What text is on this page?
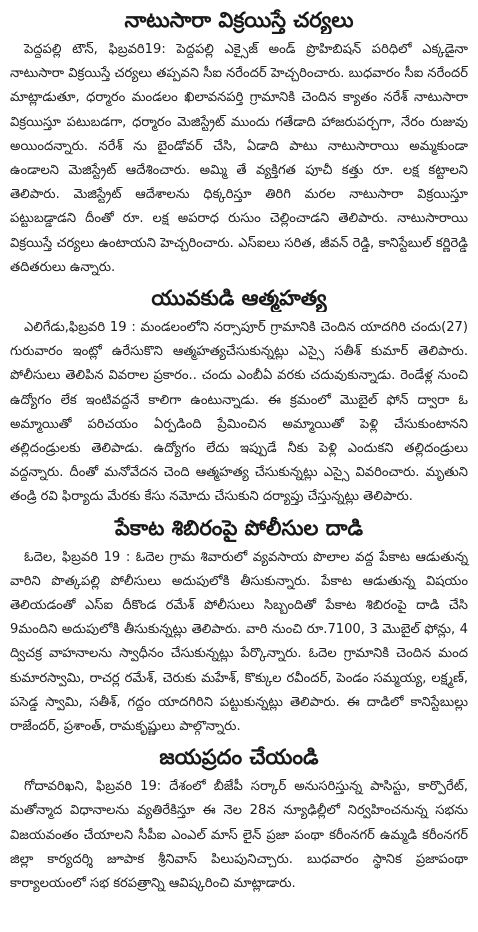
నాటుసారా విక్రయిస్తే చర్యలు

పెద్దపల్లి టౌన్, ఫిబ్రవరి19: పెద్దపల్లి ఎక్సైజ్ అండ్ ప్రొహిబిషన్ పరిధిలో ఎక్కడైనా నాటుసారా విక్రయిస్తే చర్యలు తప్పవని సీఐ నరేందర్ హెచ్చరించారు. బుధవారం సీఐ నరేందర్ మాట్లాడుతూ, ధర్మారం మండలం ఖిలావనపర్తి గ్రామానికి చెందిన క్యాతం నరేశ్ నాటుసారా విక్రయిస్తూ పటుబడగా, ధర్మారం మెజిస్ట్రేట్ ముందు గతేడాది హాజరుపర్చగా, నేరం రుజువు అయిందన్నారు. నరేశ్ ను బైండోవర్ చేసి, ఏడాది పాటు నాటుసారాయి అమ్మకుండా ఉండాలని మెజిస్ట్రేట్ ఆదేశించారు. అమ్మి తే వ్యక్తిగత పూచీ కత్తు రూ. లక్ష కట్టాలని తెలిపారు. మెజిస్ట్రేట్ ఆదేశాలను ధిక్కరిస్తూ తిరిగి మరల నాటుసారా విక్రయిస్తూ పట్టుబడ్డాడని దీంతో రూ. లక్ష అపరాధ రుసుం చెల్లించాడని తెలిపారు. నాటుసారాయి విక్రయిస్తే చర్యలు ఉంటాయని హెచ్చరించారు. ఎస్ఐలు సరిత, జీవన్ రెడ్డి, కానిస్టేబుల్ కర్ణిరెడ్డి తదితరులు ఉన్నారు.

యువకుడి ఆత్మహత్య

ఎలిగేడు,ఫిబ్రవరి 19 : మండలంలోని నర్సాపూర్ గ్రామానికి చెందిన యాదగిరి చందు(27) గురువారం ఇంట్లో ఉరేసుకొని ఆత్మహత్యచేసుకున్నట్లు ఎస్సై సతీశ్ కుమార్ తెలిపారు. పోలీసులు తెలిపిన వివరాల ప్రకారం.. చందు ఎంబీఏ వరకు చదువుకున్నాడు. రెండేళ్ల నుంచి ఉద్యోగం లేక ఇంటివద్దనే కాలిగా ఉంటున్నాడు. ఈ క్రమంలో మొబైల్ ఫోన్ ద్వారా ఓ అమ్మాయితో పరిచయం ఏర్పడింది ప్రేమించిన అమ్మాయితో పెళ్లి చేసుకుంటానని తల్లిదండ్రులకు తెలిపాడు. ఉద్యోగం లేదు ఇప్పుడే నీకు పెళ్లి ఎందుకని తల్లిదండ్రులు వద్దన్నారు. దీంతో మనోవేదన చెంది ఆత్మహత్య చేసుకున్నట్లు ఎస్సై వివరించారు. మృతుని తండ్రి రవి ఫిర్యాదు మేరకు కేసు నమోదు చేసుకుని దర్యాప్తు చేస్తున్నట్లు తెలిపారు.

పేకాట శిబిరంపై పోలీసుల దాడి

ఓదెల, ఫిబ్రవరి 19 : ఓదెల గ్రామ శివారులో వ్యవసాయ పొలాల వద్ద పేకాట ఆడుతున్న వారిని పొత్కపల్లి పోలీసులు అదుపులోకి తీసుకున్నారు. పేకాట ఆడుతున్న విషయం తెలియడంతో ఎస్ఐ దీకొండ రమేశ్ పోలీసులు సిబ్బందితో పేకాట శిబిరంపై దాడి చేసి 9మందిని అదుపులోకి తీసుకున్నట్లు తెలిపారు. వారి నుంచి రూ.7100, 3 మొబైల్ ఫోన్లు, 4 ద్విచక్ర వాహనాలను స్వాధీనం చేసుకున్నట్లు పేర్కొన్నారు. ఓదెల గ్రామానికి చెందిన మంద కుమారస్వామి, రాచర్ల రమేశ్, చెరుకు మహేశ్, కొక్కుల రవీందర్, పెండం సమ్మయ్య, లక్ష్మణ్, పసెడ్డ స్వామి, సతీశ్, గద్దం యాదగిరిని పట్టుకున్నట్లు తెలిపారు. ఈ దాడిలో కానిస్టేబుల్లు రాజేందర్, ప్రశాంత్, రామకృష్ణులు పాల్గొన్నారు.

జయప్రదం చేయండి

గోదావరిఖని, ఫిబ్రవరి 19: దేశంలో బీజేపీ సర్కార్ అనుసరిస్తున్న పాసిస్టు, కార్పొరేట్, మతోన్మాద విధానాలను వ్యతిరేకిస్తూ ఈ నెల 28న న్యూఢిల్లీలో నిర్వహించనున్న సభను విజయవంతం చేయాలని సీపీఐ ఎంఎల్ మాస్ లైన్ ప్రజా పంథా కరీంనగర్ ఉమ్మడి కరీంనగర్ జిల్లా కార్యదర్శి జూపాక శ్రీనివాస్ పిలుపునిచ్చారు. బుధవారం స్థానిక ప్రజాపంథా కార్యాలయంలో సభ కరపత్రాన్ని ఆవిష్కరించి మాట్లాడారు.
